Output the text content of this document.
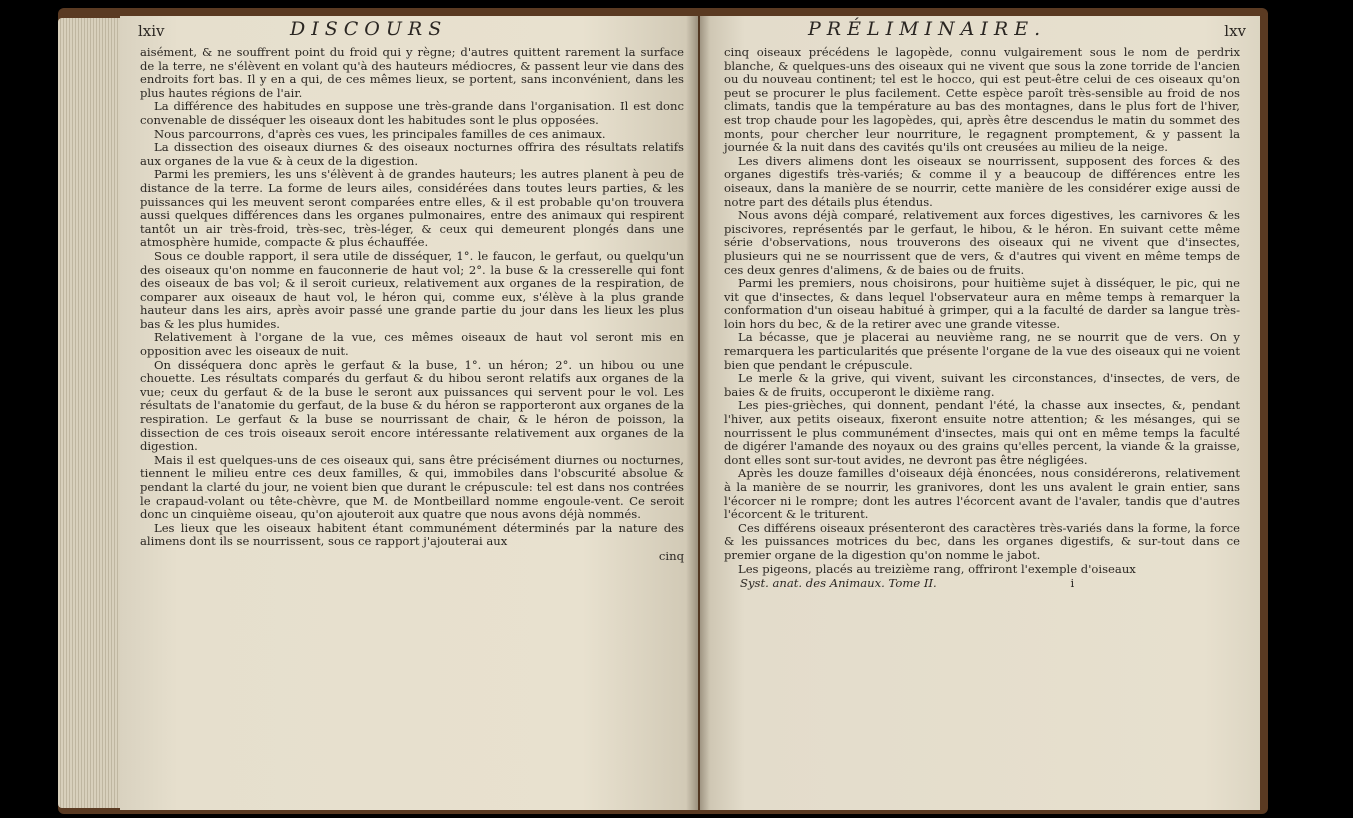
lxiv	DISCOURS

aisément, & ne souffrent point du froid qui y règne; d'autres quittent rarement la surface de la terre, ne s'élèvent en volant qu'à des hauteurs médiocres, & passent leur vie dans des endroits fort bas. Il y en a qui, de ces mêmes lieux, se portent, sans inconvénient, dans les plus hautes régions de l'air.

La différence des habitudes en suppose une très-grande dans l'organisation. Il est donc convenable de disséquer les oiseaux dont les habitudes sont le plus opposées.

Nous parcourrons, d'après ces vues, les principales familles de ces animaux.

La dissection des oiseaux diurnes & des oiseaux nocturnes offrira des résultats relatifs aux organes de la vue & à ceux de la digestion.

Parmi les premiers, les uns s'élèvent à de grandes hauteurs; les autres planent à peu de distance de la terre. La forme de leurs ailes, considérées dans toutes leurs parties, & les puissances qui les meuvent seront comparées entre elles, & il est probable qu'on trouvera aussi quelques différences dans les organes pulmonaires, entre des animaux qui respirent tantôt un air très-froid, très-sec, très-léger, & ceux qui demeurent plongés dans une atmosphère humide, compacte & plus échauffée.

Sous ce double rapport, il sera utile de disséquer, 1°. le faucon, le gerfaut, ou quelqu'un des oiseaux qu'on nomme en fauconnerie de haut vol; 2°. la buse & la cresserelle qui font des oiseaux de bas vol; & il seroit curieux, relativement aux organes de la respiration, de comparer aux oiseaux de haut vol, le héron qui, comme eux, s'élève à la plus grande hauteur dans les airs, après avoir passé une grande partie du jour dans les lieux les plus bas & les plus humides.

Relativement à l'organe de la vue, ces mêmes oiseaux de haut vol seront mis en opposition avec les oiseaux de nuit.

On disséquera donc après le gerfaut & la buse, 1°. un héron; 2°. un hibou ou une chouette. Les résultats comparés du gerfaut & du hibou seront relatifs aux organes de la vue; ceux du gerfaut & de la buse le seront aux puissances qui servent pour le vol. Les résultats de l'anatomie du gerfaut, de la buse & du héron se rapporteront aux organes de la respiration. Le gerfaut & la buse se nourrissant de chair, & le héron de poisson, la dissection de ces trois oiseaux seroit encore intéressante relativement aux organes de la digestion.

Mais il est quelques-uns de ces oiseaux qui, sans être précisément diurnes ou nocturnes, tiennent le milieu entre ces deux familles, & qui, immobiles dans l'obscurité absolue & pendant la clarté du jour, ne voient bien que durant le crépuscule: tel est dans nos contrées le crapaud-volant ou tête-chèvre, que M. de Montbeillard nomme engoule-vent. Ce seroit donc un cinquième oiseau, qu'on ajouteroit aux quatre que nous avons déjà nommés.

Les lieux que les oiseaux habitent étant communément déterminés par la nature des alimens dont ils se nourrissent, sous ce rapport j'ajouterai aux

cinq
PRÉLIMINAIRE.	lxv

cinq oiseaux précédens le lagopède, connu vulgairement sous le nom de perdrix blanche, & quelques-uns des oiseaux qui ne vivent que sous la zone torride de l'ancien ou du nouveau continent; tel est le hocco, qui est peut-être celui de ces oiseaux qu'on peut se procurer le plus facilement. Cette espèce paroît très-sensible au froid de nos climats, tandis que la température au bas des montagnes, dans le plus fort de l'hiver, est trop chaude pour les lagopèdes, qui, après être descendus le matin du sommet des monts, pour chercher leur nourriture, le regagnent promptement, & y passent la journée & la nuit dans des cavités qu'ils ont creusées au milieu de la neige.

Les divers alimens dont les oiseaux se nourrissent, supposent des forces & des organes digestifs très-variés; & comme il y a beaucoup de différences entre les oiseaux, dans la manière de se nourrir, cette manière de les considérer exige aussi de notre part des détails plus étendus.

Nous avons déjà comparé, relativement aux forces digestives, les carnivores & les piscivores, représentés par le gerfaut, le hibou, & le héron. En suivant cette même série d'observations, nous trouverons des oiseaux qui ne vivent que d'insectes, plusieurs qui ne se nourrissent que de vers, & d'autres qui vivent en même temps de ces deux genres d'alimens, & de baies ou de fruits.

Parmi les premiers, nous choisirons, pour huitième sujet à disséquer, le pic, qui ne vit que d'insectes, & dans lequel l'observateur aura en même temps à remarquer la conformation d'un oiseau habitué à grimper, qui a la faculté de darder sa langue très-loin hors du bec, & de la retirer avec une grande vitesse.

La bécasse, que je placerai au neuvième rang, ne se nourrit que de vers. On y remarquera les particularités que présente l'organe de la vue des oiseaux qui ne voient bien que pendant le crépuscule.

Le merle & la grive, qui vivent, suivant les circonstances, d'insectes, de vers, de baies & de fruits, occuperont le dixième rang.

Les pies-grièches, qui donnent, pendant l'été, la chasse aux insectes, &, pendant l'hiver, aux petits oiseaux, fixeront ensuite notre attention; & les mésanges, qui se nourrissent le plus communément d'insectes, mais qui ont en même temps la faculté de digérer l'amande des noyaux ou des grains qu'elles percent, la viande & la graisse, dont elles sont sur-tout avides, ne devront pas être négligées.

Après les douze familles d'oiseaux déjà énoncées, nous considérerons, relativement à la manière de se nourrir, les granivores, dont les uns avalent le grain entier, sans l'écorcer ni le rompre; dont les autres l'écorcent avant de l'avaler, tandis que d'autres l'écorcent & le triturent.

Ces différens oiseaux présenteront des caractères très-variés dans la forme, la force & les puissances motrices du bec, dans les organes digestifs, & sur-tout dans ce premier organe de la digestion qu'on nomme le jabot.

Les pigeons, placés au treizième rang, offriront l'exemple d'oiseaux

Syst. anat. des Animaux. Tome II.	i
